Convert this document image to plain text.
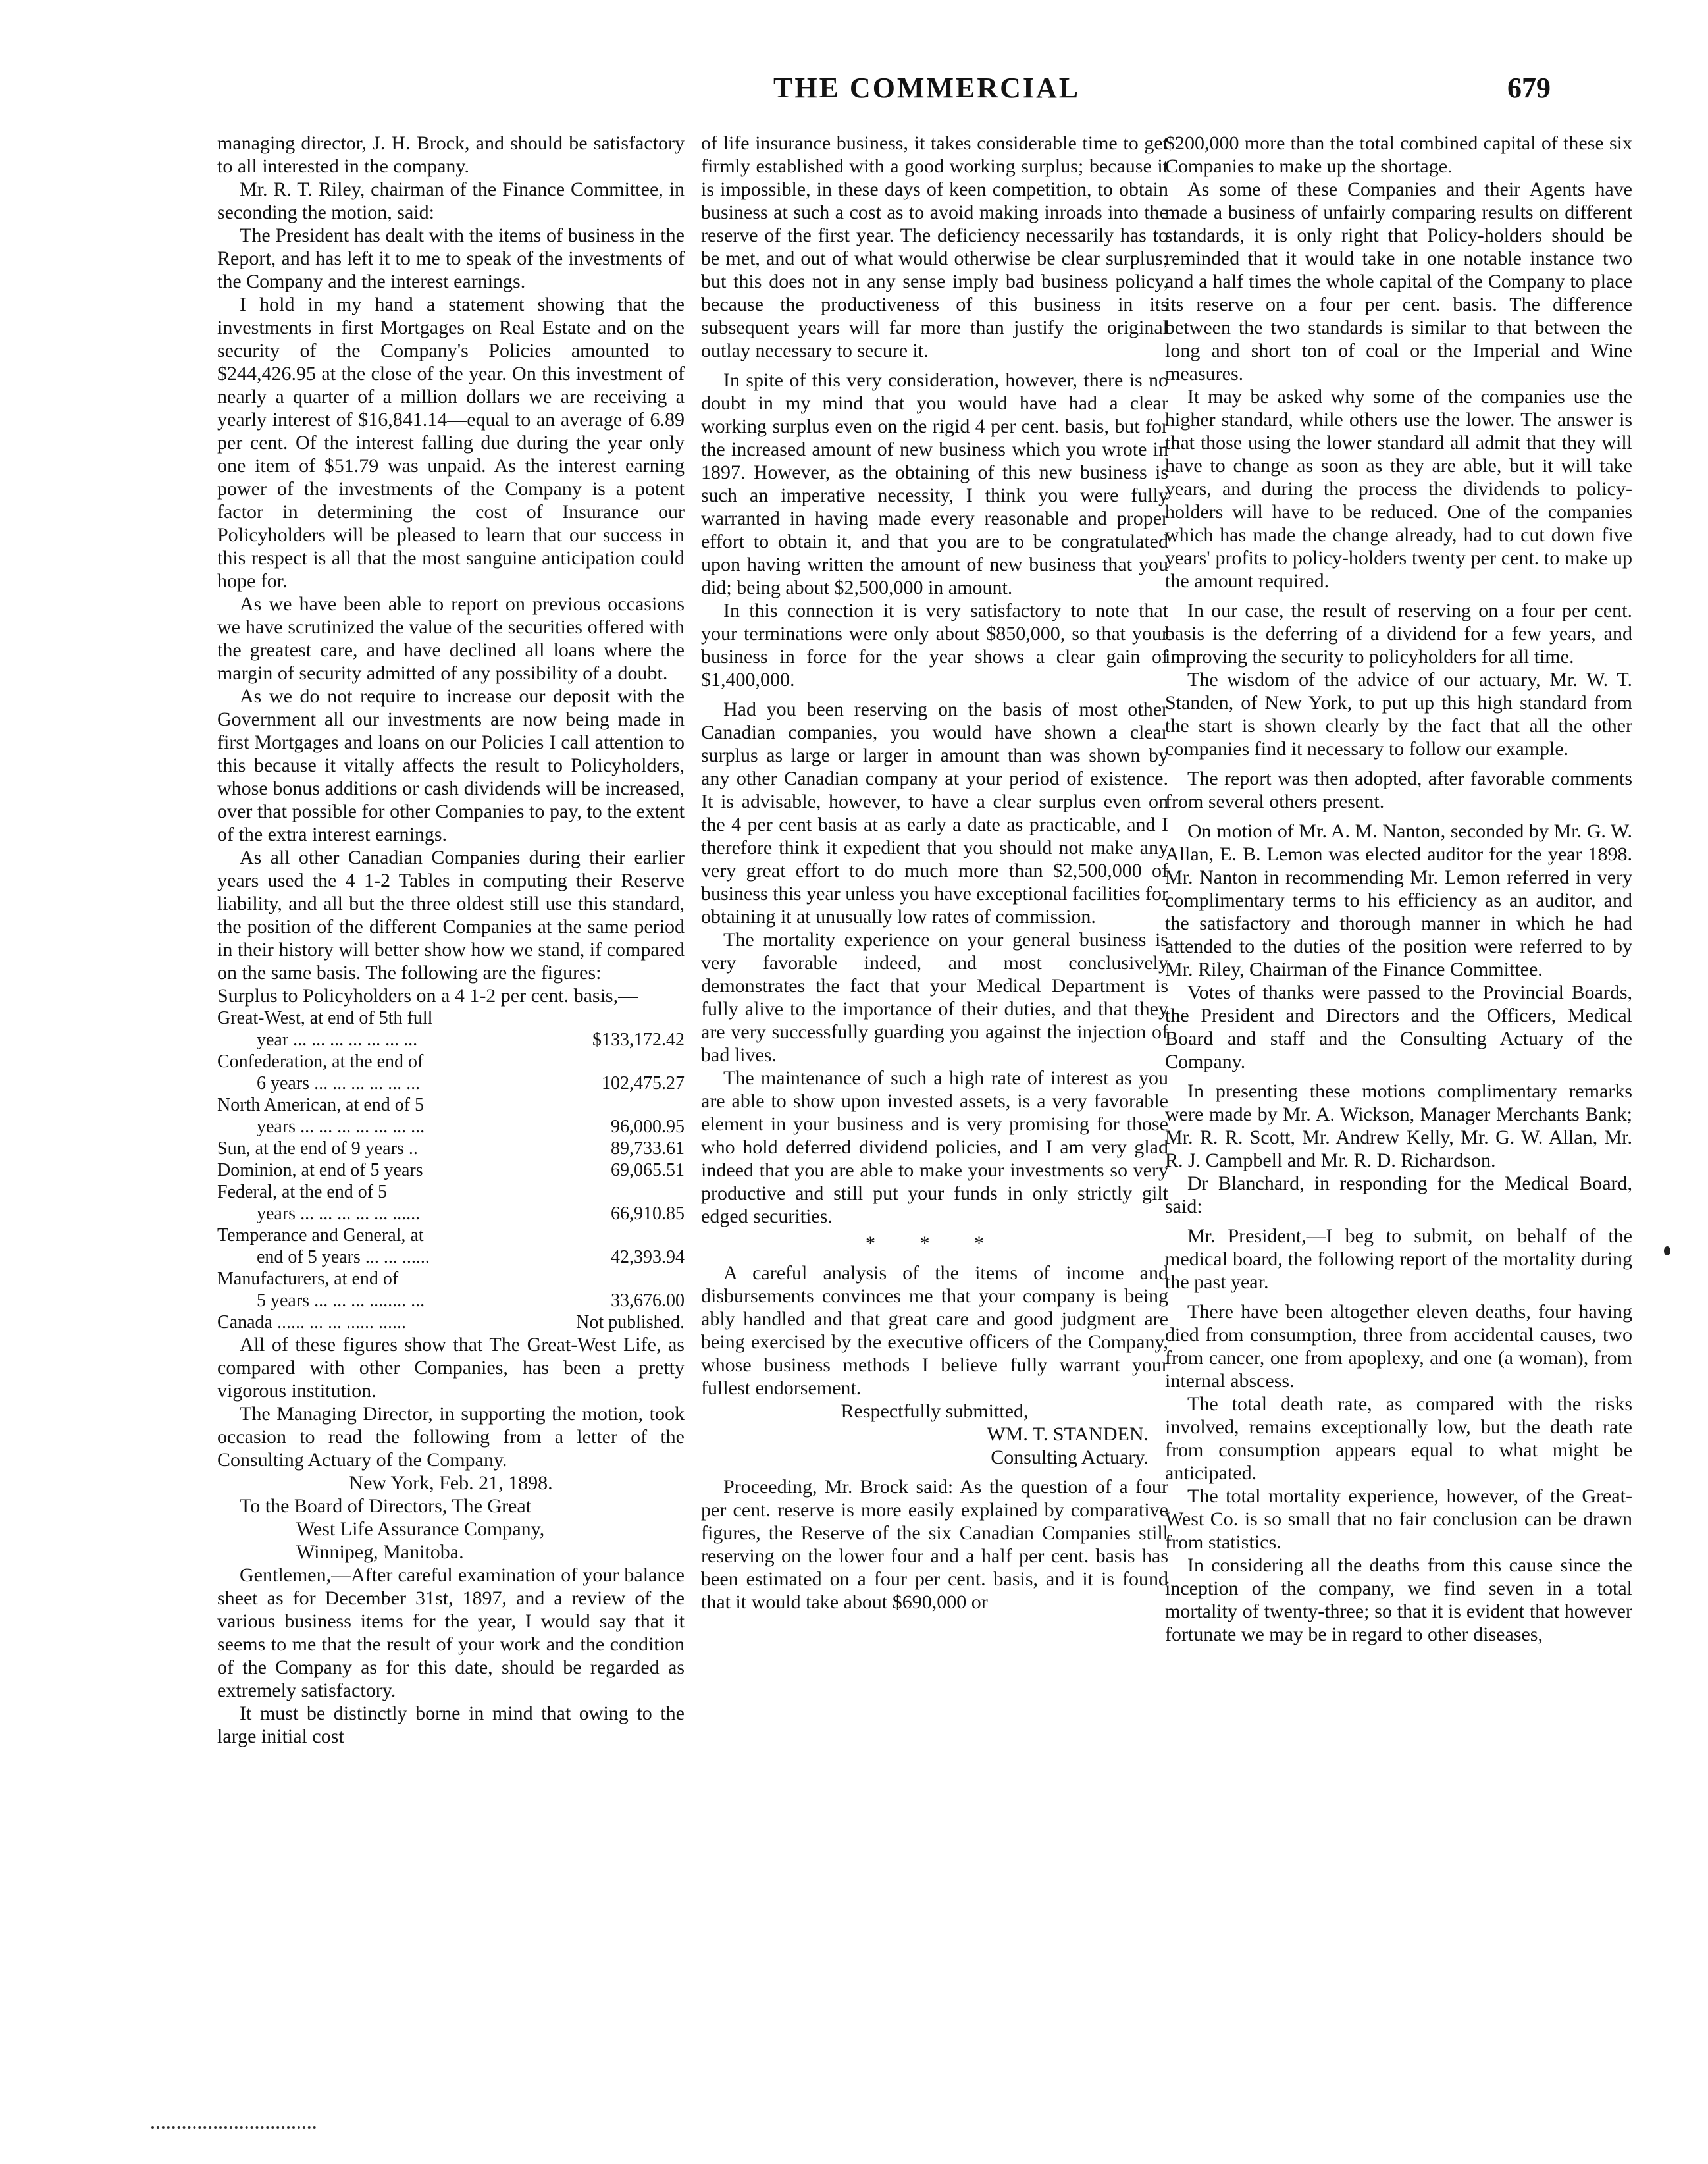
THE COMMERCIAL	679

managing director, J. H. Brock, and should be satisfactory to all interested in the company.

Mr. R. T. Riley, chairman of the Finance Committee, in seconding the motion, said:

The President has dealt with the items of business in the Report, and has left it to me to speak of the investments of the Company and the interest earnings.

I hold in my hand a statement showing that the investments in first Mortgages on Real Estate and on the security of the Company's Policies amounted to $244,426.95 at the close of the year. On this investment of nearly a quarter of a million dollars we are receiving a yearly interest of $16,841.14—equal to an average of 6.89 per cent. Of the interest falling due during the year only one item of $51.79 was unpaid. As the interest earning power of the investments of the Company is a potent factor in determining the cost of Insurance our Policyholders will be pleased to learn that our success in this respect is all that the most sanguine anticipation could hope for.

As we have been able to report on previous occasions we have scrutinized the value of the securities offered with the greatest care, and have declined all loans where the margin of security admitted of any possibility of a doubt.

As we do not require to increase our deposit with the Government all our investments are now being made in first Mortgages and loans on our Policies I call attention to this because it vitally affects the result to Policyholders, whose bonus additions or cash dividends will be increased, over that possible for other Companies to pay, to the extent of the extra interest earnings.

As all other Canadian Companies during their earlier years used the 4 1-2 Tables in computing their Reserve liability, and all but the three oldest still use this standard, the position of the different Companies at the same period in their history will better show how we stand, if compared on the same basis. The following are the figures:

Surplus to Policyholders on a 4 1-2 per cent. basis,—
Great-West, at end of 5th full
year ... ... ... ... ... ... ...	$133,172.42
Confederation, at the end of
6 years ... ... ... ... ... ...	102,475.27
North American, at end of 5
years ... ... ... ... ... ... ...	96,000.95
Sun, at the end of 9 years ..	89,733.61
Dominion, at end of 5 years	69,065.51
Federal, at the end of 5
years ... ... ... ... ... ......	66,910.85
Temperance and General, at
end of 5 years ... ... ......	42,393.94
Manufacturers, at end of
5 years ... ... ... ........ ...	33,676.00
Canada ...... ... ... ...... ......	Not published.

All of these figures show that The Great-West Life, as compared with other Companies, has been a pretty vigorous institution.

The Managing Director, in supporting the motion, took occasion to read the following from a letter of the Consulting Actuary of the Company.

New York, Feb. 21, 1898.

To the Board of Directors, The Great

West Life Assurance Company,

Winnipeg, Manitoba.

Gentlemen,—After careful examination of your balance sheet as for December 31st, 1897, and a review of the various business items for the year, I would say that it seems to me that the result of your work and the condition of the Company as for this date, should be regarded as extremely satisfactory.

It must be distinctly borne in mind that owing to the large initial cost

of life insurance business, it takes considerable time to get firmly established with a good working surplus; because it is impossible, in these days of keen competition, to obtain business at such a cost as to avoid making inroads into the reserve of the first year. The deficiency necessarily has to be met, and out of what would otherwise be clear surplus; but this does not in any sense imply bad business policy, because the productiveness of this business in its subsequent years will far more than justify the original outlay necessary to secure it.

In spite of this very consideration, however, there is no doubt in my mind that you would have had a clear working surplus even on the rigid 4 per cent. basis, but for the increased amount of new business which you wrote in 1897. However, as the obtaining of this new business is such an imperative necessity, I think you were fully warranted in having made every reasonable and proper effort to obtain it, and that you are to be congratulated upon having written the amount of new business that you did; being about $2,500,000 in amount.

In this connection it is very satisfactory to note that your terminations were only about $850,000, so that your business in force for the year shows a clear gain of $1,400,000.

Had you been reserving on the basis of most other Canadian companies, you would have shown a clear surplus as large or larger in amount than was shown by any other Canadian company at your period of existence. It is advisable, however, to have a clear surplus even on the 4 per cent basis at as early a date as practicable, and I therefore think it expedient that you should not make any very great effort to do much more than $2,500,000 of business this year unless you have exceptional facilities for obtaining it at unusually low rates of commission.

The mortality experience on your general business is very favorable indeed, and most conclusively demonstrates the fact that your Medical Department is fully alive to the importance of their duties, and that they are very successfully guarding you against the injection of bad lives.

The maintenance of such a high rate of interest as you are able to show upon invested assets, is a very favorable element in your business and is very promising for those who hold deferred dividend policies, and I am very glad indeed that you are able to make your investments so very productive and still put your funds in only strictly gilt edged securities.

* * *

A careful analysis of the items of income and disbursements convinces me that your company is being ably handled and that great care and good judgment are being exercised by the executive officers of the Company, whose business methods I believe fully warrant your fullest endorsement.

Respectfully submitted,

WM. T. STANDEN.

Consulting Actuary.

Proceeding, Mr. Brock said: As the question of a four per cent. reserve is more easily explained by comparative figures, the Reserve of the six Canadian Companies still reserving on the lower four and a half per cent. basis has been estimated on a four per cent. basis, and it is found that it would take about $690,000 or

$200,000 more than the total combined capital of these six Companies to make up the shortage.

As some of these Companies and their Agents have made a business of unfairly comparing results on different standards, it is only right that Policy-holders should be reminded that it would take in one notable instance two and a half times the whole capital of the Company to place its reserve on a four per cent. basis. The difference between the two standards is similar to that between the long and short ton of coal or the Imperial and Wine measures.

It may be asked why some of the companies use the higher standard, while others use the lower. The answer is that those using the lower standard all admit that they will have to change as soon as they are able, but it will take years, and during the process the dividends to policy-holders will have to be reduced. One of the companies which has made the change already, had to cut down five years' profits to policy-holders twenty per cent. to make up the amount required.

In our case, the result of reserving on a four per cent. basis is the deferring of a dividend for a few years, and improving the security to policyholders for all time.

The wisdom of the advice of our actuary, Mr. W. T. Standen, of New York, to put up this high standard from the start is shown clearly by the fact that all the other companies find it necessary to follow our example.

The report was then adopted, after favorable comments from several others present.

On motion of Mr. A. M. Nanton, seconded by Mr. G. W. Allan, E. B. Lemon was elected auditor for the year 1898. Mr. Nanton in recommending Mr. Lemon referred in very complimentary terms to his efficiency as an auditor, and the satisfactory and thorough manner in which he had attended to the duties of the position were referred to by Mr. Riley, Chairman of the Finance Committee.

Votes of thanks were passed to the Provincial Boards, the President and Directors and the Officers, Medical Board and staff and the Consulting Actuary of the Company.

In presenting these motions complimentary remarks were made by Mr. A. Wickson, Manager Merchants Bank; Mr. R. R. Scott, Mr. Andrew Kelly, Mr. G. W. Allan, Mr. R. J. Campbell and Mr. R. D. Richardson.

Dr Blanchard, in responding for the Medical Board, said:

Mr. President,—I beg to submit, on behalf of the medical board, the following report of the mortality during the past year.

There have been altogether eleven deaths, four having died from consumption, three from accidental causes, two from cancer, one from apoplexy, and one (a woman), from internal abscess.

The total death rate, as compared with the risks involved, remains exceptionally low, but the death rate from consumption appears equal to what might be anticipated.

The total mortality experience, however, of the Great-West Co. is so small that no fair conclusion can be drawn from statistics.

In considering all the deaths from this cause since the inception of the company, we find seven in a total mortality of twenty-three; so that it is evident that however fortunate we may be in regard to other diseases,
